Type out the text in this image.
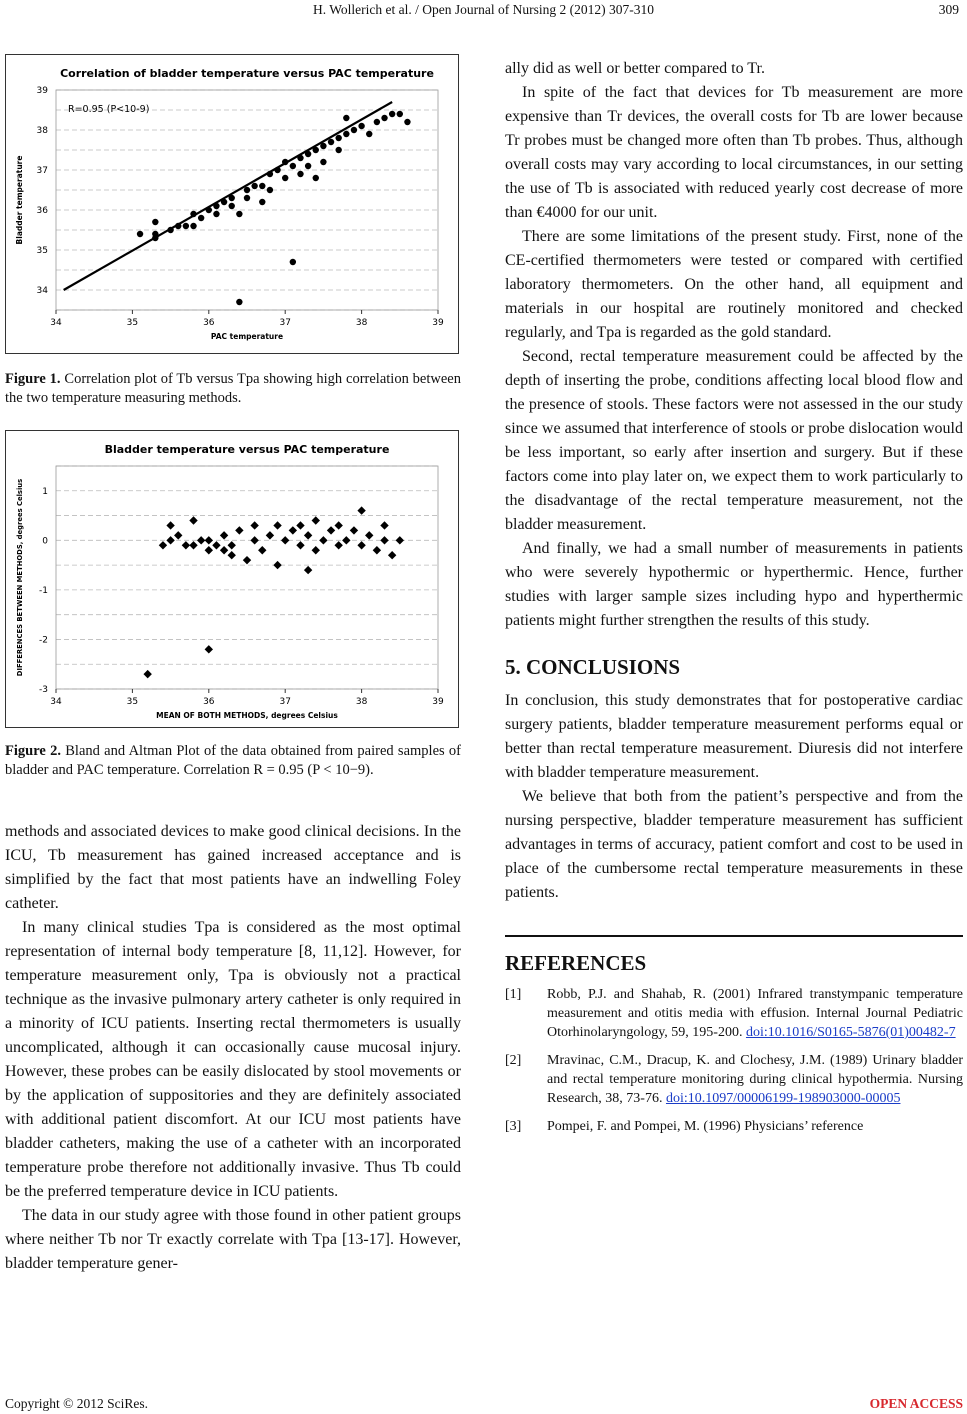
H. Wollerich et al. / Open Journal of Nursing 2 (2012) 307-310	309
Correlation of bladder temperature versus PAC temperature
34	35	36	37	38	39
34
35
36
37
38
39
PAC temperature
Bladder temperature
R=0.95 (P<10-9)
Figure 1. Correlation plot of Tb versus Tpa showing high correlation between the two temperature measuring methods.
Bladder temperature versus PAC temperature
34	35	36	37	38	39
-3
-2
-1
0
1
MEAN OF BOTH METHODS, degrees Celsius
DIFFERENCES BETWEEN METHODS, degrees Celsius
Figure 2. Bland and Altman Plot of the data obtained from paired samples of bladder and PAC temperature. Correlation R = 0.95 (P < 10−9).

methods and associated devices to make good clinical decisions. In the ICU, Tb measurement has gained increased acceptance and is simplified by the fact that most patients have an indwelling Foley catheter.

In many clinical studies Tpa is considered as the most optimal representation of internal body temperature [8, 11,12]. However, for temperature measurement only, Tpa is obviously not a practical technique as the invasive pulmonary artery catheter is only required in a minority of ICU patients. Inserting rectal thermometers is usually uncomplicated, although it can occasionally cause mucosal injury. However, these probes can be easily dislocated by stool movements or by the application of suppositories and they are definitely associated with additional patient discomfort. At our ICU most patients have bladder catheters, making the use of a catheter with an incorporated temperature probe therefore not additionally invasive. Thus Tb could be the preferred temperature device in ICU patients.

The data in our study agree with those found in other patient groups where neither Tb nor Tr exactly correlate with Tpa [13-17]. However, bladder temperature gener-

ally did as well or better compared to Tr.

In spite of the fact that devices for Tb measurement are more expensive than Tr devices, the overall costs for Tb are lower because Tr probes must be changed more often than Tb probes. Thus, although overall costs may vary according to local circumstances, in our setting the use of Tb is associated with reduced yearly cost decrease of more than €4000 for our unit.

There are some limitations of the present study. First, none of the CE-certified thermometers were tested or compared with certified laboratory thermometers. On the other hand, all equipment and materials in our hospital are routinely monitored and checked regularly, and Tpa is regarded as the gold standard.

Second, rectal temperature measurement could be affected by the depth of inserting the probe, conditions affecting local blood flow and the presence of stools. These factors were not assessed in the our study since we assumed that interference of stools or probe dislocation would be less important, so early after insertion and surgery. But if these factors come into play later on, we expect them to work particularly to the disadvantage of the rectal temperature measurement, not the bladder measurement.

And finally, we had a small number of measurements in patients who were severely hypothermic or hyperthermic. Hence, further studies with larger sample sizes including hypo and hyperthermic patients might further strengthen the results of this study.

5. CONCLUSIONS

In conclusion, this study demonstrates that for postoperative cardiac surgery patients, bladder temperature measurement performs equal or better than rectal temperature measurement. Diuresis did not interfere with bladder temperature measurement.

We believe that both from the patient’s perspective and from the nursing perspective, bladder temperature measurement has sufficient advantages in terms of accuracy, patient comfort and cost to be used in place of the cumbersome rectal temperature measurements in these patients.

REFERENCES
[1]	Robb, P.J. and Shahab, R. (2001) Infrared transtympanic temperature measurement and otitis media with effusion. Internal Journal Pediatric Otorhinolaryngology, 59, 195-200. doi:10.1016/S0165-5876(01)00482-7
[2]	Mravinac, C.M., Dracup, K. and Clochesy, J.M. (1989) Urinary bladder and rectal temperature monitoring during clinical hypothermia. Nursing Research, 38, 73-76. doi:10.1097/00006199-198903000-00005
[3]	Pompei, F. and Pompei, M. (1996) Physicians’ reference
Copyright © 2012 SciRes.	OPEN ACCESS
